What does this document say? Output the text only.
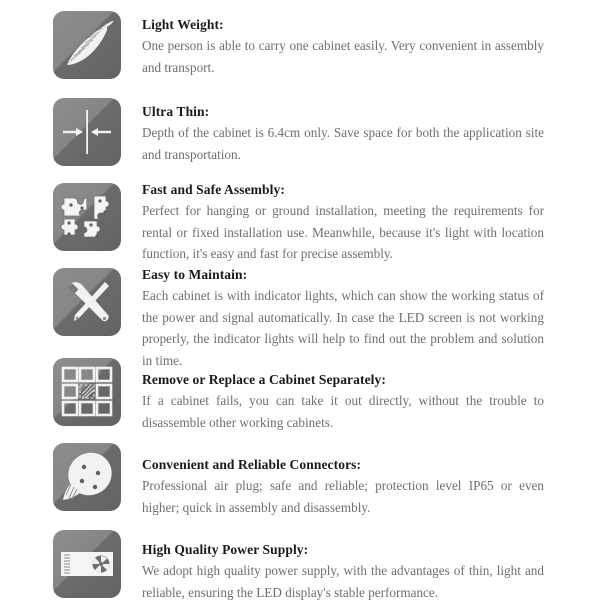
Light Weight:

One person is able to carry one cabinet easily. Very convenient in assembly and transport.

Ultra Thin:

Depth of the cabinet is 6.4cm only. Save space for both the application site and transportation.

Fast and Safe Assembly:

Perfect for hanging or ground installation, meeting the requirements for rental or fixed installation use. Meanwhile, because it's light with location function, it's easy and fast for precise assembly.

Easy to Maintain:

Each cabinet is with indicator lights, which can show the working status of the power and signal automatically. In case the LED screen is not working properly, the indicator lights will help to find out the problem and solution in time.

Remove or Replace a Cabinet Separately:

If a cabinet fails, you can take it out directly, without the trouble to disassemble other working cabinets.

Convenient and Reliable Connectors:

Professional air plug; safe and reliable; protection level IP65 or even higher; quick in assembly and disassembly.

High Quality Power Supply:

We adopt high quality power supply, with the advantages of thin, light and reliable, ensuring the LED display's stable performance.
